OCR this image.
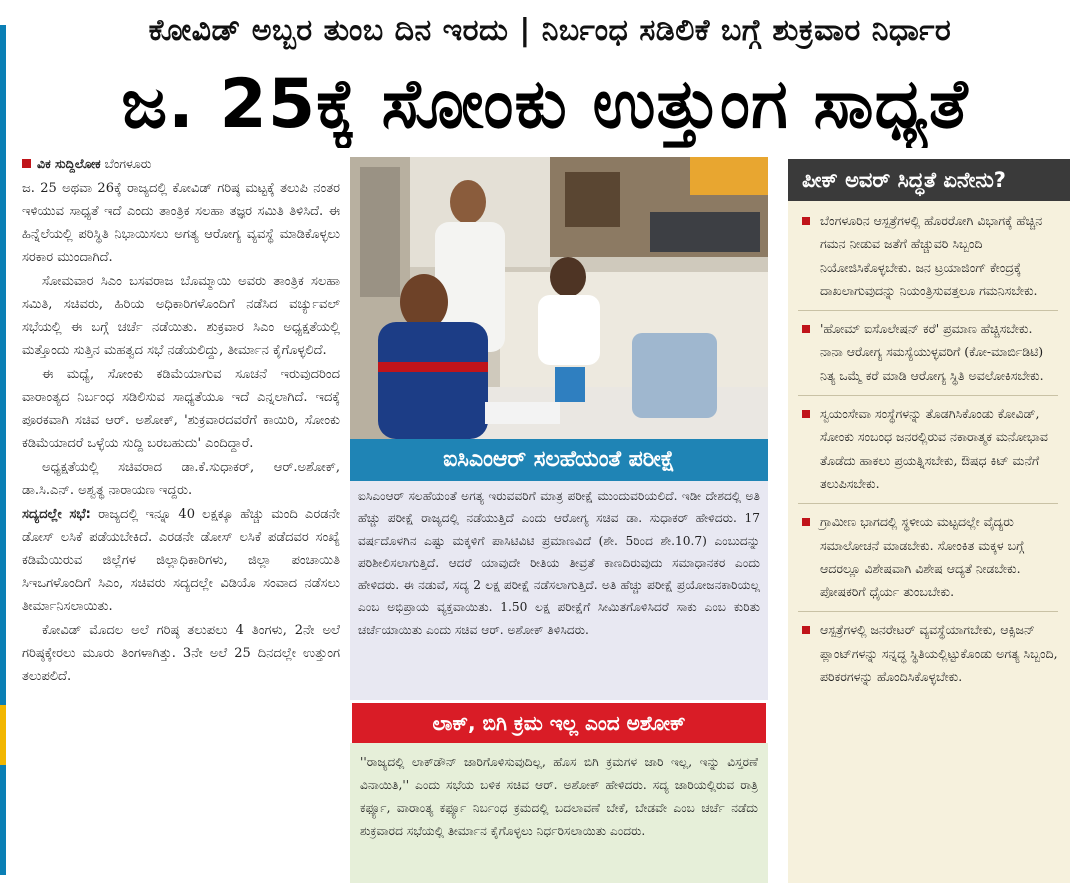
ಕೋವಿಡ್ ಅಬ್ಬರ ತುಂಬ ದಿನ ಇರದು | ನಿರ್ಬಂಧ ಸಡಿಲಿಕೆ ಬಗ್ಗೆ ಶುಕ್ರವಾರ ನಿರ್ಧಾರ
ಜ. 25ಕ್ಕೆ ಸೋಂಕು ಉತ್ತುಂಗ ಸಾಧ್ಯತೆ
ವಿಕ ಸುದ್ದಿಲೋಕ ಬೆಂಗಳೂರು

ಜ. 25 ಅಥವಾ 26ಕ್ಕೆ ರಾಜ್ಯದಲ್ಲಿ ಕೋವಿಡ್ ಗರಿಷ್ಠ ಮಟ್ಟಕ್ಕೆ ತಲುಪಿ ನಂತರ ಇಳಿಯುವ ಸಾಧ್ಯತೆ ಇದೆ ಎಂದು ತಾಂತ್ರಿಕ ಸಲಹಾ ತಜ್ಞರ ಸಮಿತಿ ತಿಳಿಸಿದೆ. ಈ ಹಿನ್ನೆಲೆಯಲ್ಲಿ ಪರಿಸ್ಥಿತಿ ನಿಭಾಯಿಸಲು ಅಗತ್ಯ ಆರೋಗ್ಯ ವ್ಯವಸ್ಥೆ ಮಾಡಿಕೊಳ್ಳಲು ಸರಕಾರ ಮುಂದಾಗಿದೆ.

ಸೋಮವಾರ ಸಿಎಂ ಬಸವರಾಜ ಬೊಮ್ಮಾಯಿ ಅವರು ತಾಂತ್ರಿಕ ಸಲಹಾ ಸಮಿತಿ, ಸಚಿವರು, ಹಿರಿಯ ಅಧಿಕಾರಿಗಳೊಂದಿಗೆ ನಡೆಸಿದ ವರ್ಚ್ಯುವಲ್ ಸಭೆಯಲ್ಲಿ ಈ ಬಗ್ಗೆ ಚರ್ಚೆ ನಡೆಯಿತು. ಶುಕ್ರವಾರ ಸಿಎಂ ಅಧ್ಯಕ್ಷತೆಯಲ್ಲಿ ಮತ್ತೊಂದು ಸುತ್ತಿನ ಮಹತ್ವದ ಸಭೆ ನಡೆಯಲಿದ್ದು, ತೀರ್ಮಾನ ಕೈಗೊಳ್ಳಲಿದೆ.

ಈ ಮಧ್ಯೆ, ಸೋಂಕು ಕಡಿಮೆಯಾಗುವ ಸೂಚನೆ ಇರುವುದರಿಂದ ವಾರಾಂತ್ಯದ ನಿರ್ಬಂಧ ಸಡಿಲಿಸುವ ಸಾಧ್ಯತೆಯೂ ಇದೆ ಎನ್ನಲಾಗಿದೆ. ಇದಕ್ಕೆ ಪೂರಕವಾಗಿ ಸಚಿವ ಆರ್. ಅಶೋಕ್, 'ಶುಕ್ರವಾರದವರೆಗೆ ಕಾಯಿರಿ, ಸೋಂಕು ಕಡಿಮೆಯಾದರೆ ಒಳ್ಳೆಯ ಸುದ್ದಿ ಬರಬಹುದು' ಎಂದಿದ್ದಾರೆ.

ಅಧ್ಯಕ್ಷತೆಯಲ್ಲಿ ಸಚಿವರಾದ ಡಾ.ಕೆ.ಸುಧಾಕರ್, ಆರ್.ಅಶೋಕ್, ಡಾ.ಸಿ.ಎನ್. ಅಶ್ವತ್ಥ ನಾರಾಯಣ ಇದ್ದರು.

ಸದ್ಯದಲ್ಲೇ ಸಭೆ: ರಾಜ್ಯದಲ್ಲಿ ಇನ್ನೂ 40 ಲಕ್ಷಕ್ಕೂ ಹೆಚ್ಚು ಮಂದಿ ಎರಡನೇ ಡೋಸ್ ಲಸಿಕೆ ಪಡೆಯಬೇಕಿದೆ. ಎರಡನೇ ಡೋಸ್ ಲಸಿಕೆ ಪಡೆದವರ ಸಂಖ್ಯೆ ಕಡಿಮೆಯಿರುವ ಜಿಲ್ಲೆಗಳ ಜಿಲ್ಲಾಧಿಕಾರಿಗಳು, ಜಿಲ್ಲಾ ಪಂಚಾಯಿತಿ ಸಿಇಒಗಳೊಂದಿಗೆ ಸಿಎಂ, ಸಚಿವರು ಸದ್ಯದಲ್ಲೇ ವಿಡಿಯೊ ಸಂವಾದ ನಡೆಸಲು ತೀರ್ಮಾನಿಸಲಾಯಿತು.

ಕೋವಿಡ್ ಮೊದಲ ಅಲೆ ಗರಿಷ್ಠ ತಲುಪಲು 4 ತಿಂಗಳು, 2ನೇ ಅಲೆ ಗರಿಷ್ಠಕ್ಕೇರಲು ಮೂರು ತಿಂಗಳಾಗಿತ್ತು. 3ನೇ ಅಲೆ 25 ದಿನದಲ್ಲೇ ಉತ್ತುಂಗ ತಲುಪಲಿದೆ.

ಐಸಿಎಂಆರ್ ಸಲಹೆಯಂತೆ ಪರೀಕ್ಷೆ

ಐಸಿಎಂಆರ್ ಸಲಹೆಯಂತೆ ಅಗತ್ಯ ಇರುವವರಿಗೆ ಮಾತ್ರ ಪರೀಕ್ಷೆ ಮುಂದುವರಿಯಲಿದೆ. ಇಡೀ ದೇಶದಲ್ಲಿ ಅತಿ ಹೆಚ್ಚು ಪರೀಕ್ಷೆ ರಾಜ್ಯದಲ್ಲಿ ನಡೆಯುತ್ತಿದೆ ಎಂದು ಆರೋಗ್ಯ ಸಚಿವ ಡಾ. ಸುಧಾಕರ್ ಹೇಳಿದರು. 17 ವರ್ಷದೊಳಗಿನ ಎಷ್ಟು ಮಕ್ಕಳಿಗೆ ಪಾಸಿಟಿವಿಟಿ ಪ್ರಮಾಣವಿದೆ (ಶೇ. 5ರಿಂದ ಶೇ.10.7) ಎಂಬುದನ್ನು ಪರಿಶೀಲಿಸಲಾಗುತ್ತಿದೆ. ಆದರೆ ಯಾವುದೇ ರೀತಿಯ ತೀವ್ರತೆ ಕಾಣದಿರುವುದು ಸಮಾಧಾನಕರ ಎಂದು ಹೇಳಿದರು. ಈ ನಡುವೆ, ಸದ್ಯ 2 ಲಕ್ಷ ಪರೀಕ್ಷೆ ನಡೆಸಲಾಗುತ್ತಿದೆ. ಅತಿ ಹೆಚ್ಚು ಪರೀಕ್ಷೆ ಪ್ರಯೋಜನಕಾರಿಯಲ್ಲ ಎಂಬ ಅಭಿಪ್ರಾಯ ವ್ಯಕ್ತವಾಯಿತು. 1.50 ಲಕ್ಷ ಪರೀಕ್ಷೆಗೆ ಸೀಮಿತಗೊಳಿಸಿದರೆ ಸಾಕು ಎಂಬ ಕುರಿತು ಚರ್ಚೆಯಾಯಿತು ಎಂದು ಸಚಿವ ಆರ್. ಅಶೋಕ್ ತಿಳಿಸಿದರು.

ಲಾಕ್, ಬಿಗಿ ಕ್ರಮ ಇಲ್ಲ ಎಂದ ಅಶೋಕ್
''ರಾಜ್ಯದಲ್ಲಿ ಲಾಕ್‌ಡೌನ್ ಜಾರಿಗೊಳಿಸುವುದಿಲ್ಲ, ಹೊಸ ಬಿಗಿ ಕ್ರಮಗಳ ಜಾರಿ ಇಲ್ಲ, ಇನ್ನು ವಿಸ್ತರಣೆ ವಿನಾಯಿತಿ,'' ಎಂದು ಸಭೆಯ ಬಳಿಕ ಸಚಿವ ಆರ್. ಅಶೋಕ್ ಹೇಳಿದರು. ಸದ್ಯ ಜಾರಿಯಲ್ಲಿರುವ ರಾತ್ರಿ ಕರ್ಫ್ಯೂ, ವಾರಾಂತ್ಯ ಕರ್ಫ್ಯೂ ನಿರ್ಬಂಧ ಕ್ರಮದಲ್ಲಿ ಬದಲಾವಣೆ ಬೇಕೆ, ಬೇಡವೇ ಎಂಬ ಚರ್ಚೆ ನಡೆದು ಶುಕ್ರವಾರದ ಸಭೆಯಲ್ಲಿ ತೀರ್ಮಾನ ಕೈಗೊಳ್ಳಲು ನಿರ್ಧರಿಸಲಾಯಿತು ಎಂದರು.
ಪೀಕ್ ಅವರ್ ಸಿದ್ಧತೆ ಏನೇನು?
ಬೆಂಗಳೂರಿನ ಆಸ್ಪತ್ರೆಗಳಲ್ಲಿ ಹೊರರೋಗಿ ವಿಭಾಗಕ್ಕೆ ಹೆಚ್ಚಿನ ಗಮನ ನೀಡುವ ಜತೆಗೆ ಹೆಚ್ಚುವರಿ ಸಿಬ್ಬಂದಿ ನಿಯೋಜಿಸಿಕೊಳ್ಳಬೇಕು. ಜನ ಟ್ರಯಾಜಿಂಗ್ ಕೇಂದ್ರಕ್ಕೆ ದಾಖಲಾಗುವುದನ್ನು ನಿಯಂತ್ರಿಸುವತ್ತಲೂ ಗಮನಿಸಬೇಕು.
'ಹೋಮ್ ಐಸೊಲೇಷನ್ ಕರೆ' ಪ್ರಮಾಣ ಹೆಚ್ಚಿಸಬೇಕು. ನಾನಾ ಆರೋಗ್ಯ ಸಮಸ್ಯೆಯುಳ್ಳವರಿಗೆ (ಕೋ-ಮಾರ್ಬಿಡಿಟಿ) ನಿತ್ಯ ಒಮ್ಮೆ ಕರೆ ಮಾಡಿ ಆರೋಗ್ಯ ಸ್ಥಿತಿ ಅವಲೋಕಿಸಬೇಕು.
ಸ್ವಯಂಸೇವಾ ಸಂಸ್ಥೆಗಳನ್ನು ತೊಡಗಿಸಿಕೊಂಡು ಕೋವಿಡ್, ಸೋಂಕು ಸಂಬಂಧ ಜನರಲ್ಲಿರುವ ನಕಾರಾತ್ಮಕ ಮನೋಭಾವ ತೊಡೆದು ಹಾಕಲು ಪ್ರಯತ್ನಿಸಬೇಕು, ಔಷಧ ಕಿಟ್ ಮನೆಗೆ ತಲುಪಿಸಬೇಕು.
ಗ್ರಾಮೀಣ ಭಾಗದಲ್ಲಿ ಸ್ಥಳೀಯ ಮಟ್ಟದಲ್ಲೇ ವೈದ್ಯರು ಸಮಾಲೋಚನೆ ಮಾಡಬೇಕು. ಸೋಂಕಿತ ಮಕ್ಕಳ ಬಗ್ಗೆ ಆದರಲ್ಲೂ ವಿಶೇಷವಾಗಿ ವಿಶೇಷ ಆದ್ಯತೆ ನೀಡಬೇಕು. ಪೋಷಕರಿಗೆ ಧೈರ್ಯ ತುಂಬಬೇಕು.
ಆಸ್ಪತ್ರೆಗಳಲ್ಲಿ ಜನರೇಟರ್ ವ್ಯವಸ್ಥೆಯಾಗಬೇಕು, ಆಕ್ಸಿಜನ್ ಪ್ಲಾಂಟ್‌ಗಳನ್ನು ಸನ್ನದ್ಧ ಸ್ಥಿತಿಯಲ್ಲಿಟ್ಟುಕೊಂಡು ಅಗತ್ಯ ಸಿಬ್ಬಂದಿ, ಪರಿಕರಗಳನ್ನು ಹೊಂದಿಸಿಕೊಳ್ಳಬೇಕು.
